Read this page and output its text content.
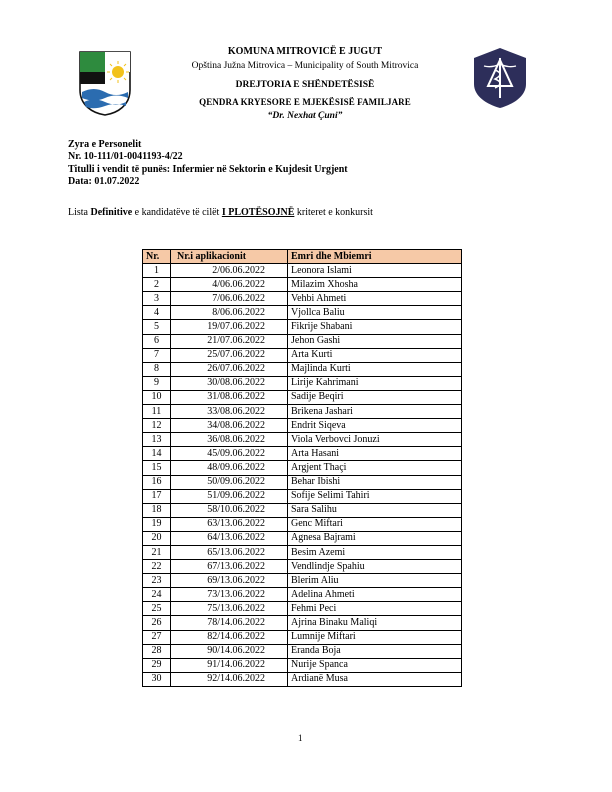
KOMUNA MITROVICË E JUGUT
Opština Južna Mitrovica – Municipality of South Mitrovica
DREJTORIA E SHËNDETËSISË
QENDRA KRYESORE E MJEKËSISË FAMILJARE
“Dr. Nexhat Çuni”
Zyra e Personelit
Nr. 10-111/01-0041193-4/22
Titulli i vendit të punës: Infermier në Sektorin e Kujdesit Urgjent
Data: 01.07.2022
Lista Definitive e kandidatëve të cilët I PLOTËSOJNË kriteret e konkursit
Nr.	Nr.i aplikacionit	Emri dhe Mbiemri
1	2/06.06.2022	Leonora Islami
2	4/06.06.2022	Milazim Xhosha
3	7/06.06.2022	Vehbi Ahmeti
4	8/06.06.2022	Vjollca Baliu
5	19/07.06.2022	Fikrije Shabani
6	21/07.06.2022	Jehon Gashi
7	25/07.06.2022	Arta Kurti
8	26/07.06.2022	Majlinda Kurti
9	30/08.06.2022	Lirije Kahrimani
10	31/08.06.2022	Sadije Beqiri
11	33/08.06.2022	Brikena Jashari
12	34/08.06.2022	Endrit Siqeva
13	36/08.06.2022	Viola Verbovci Jonuzi
14	45/09.06.2022	Arta Hasani
15	48/09.06.2022	Argjent Thaçi
16	50/09.06.2022	Behar Ibishi
17	51/09.06.2022	Sofije Selimi Tahiri
18	58/10.06.2022	Sara Salihu
19	63/13.06.2022	Genc Miftari
20	64/13.06.2022	Agnesa Bajrami
21	65/13.06.2022	Besim Azemi
22	67/13.06.2022	Vendlindje Spahiu
23	69/13.06.2022	Blerim Aliu
24	73/13.06.2022	Adelina Ahmeti
25	75/13.06.2022	Fehmi Peci
26	78/14.06.2022	Ajrina Binaku Maliqi
27	82/14.06.2022	Lumnije Miftari
28	90/14.06.2022	Eranda Boja
29	91/14.06.2022	Nurije Spanca
30	92/14.06.2022	Ardianë Musa
1
